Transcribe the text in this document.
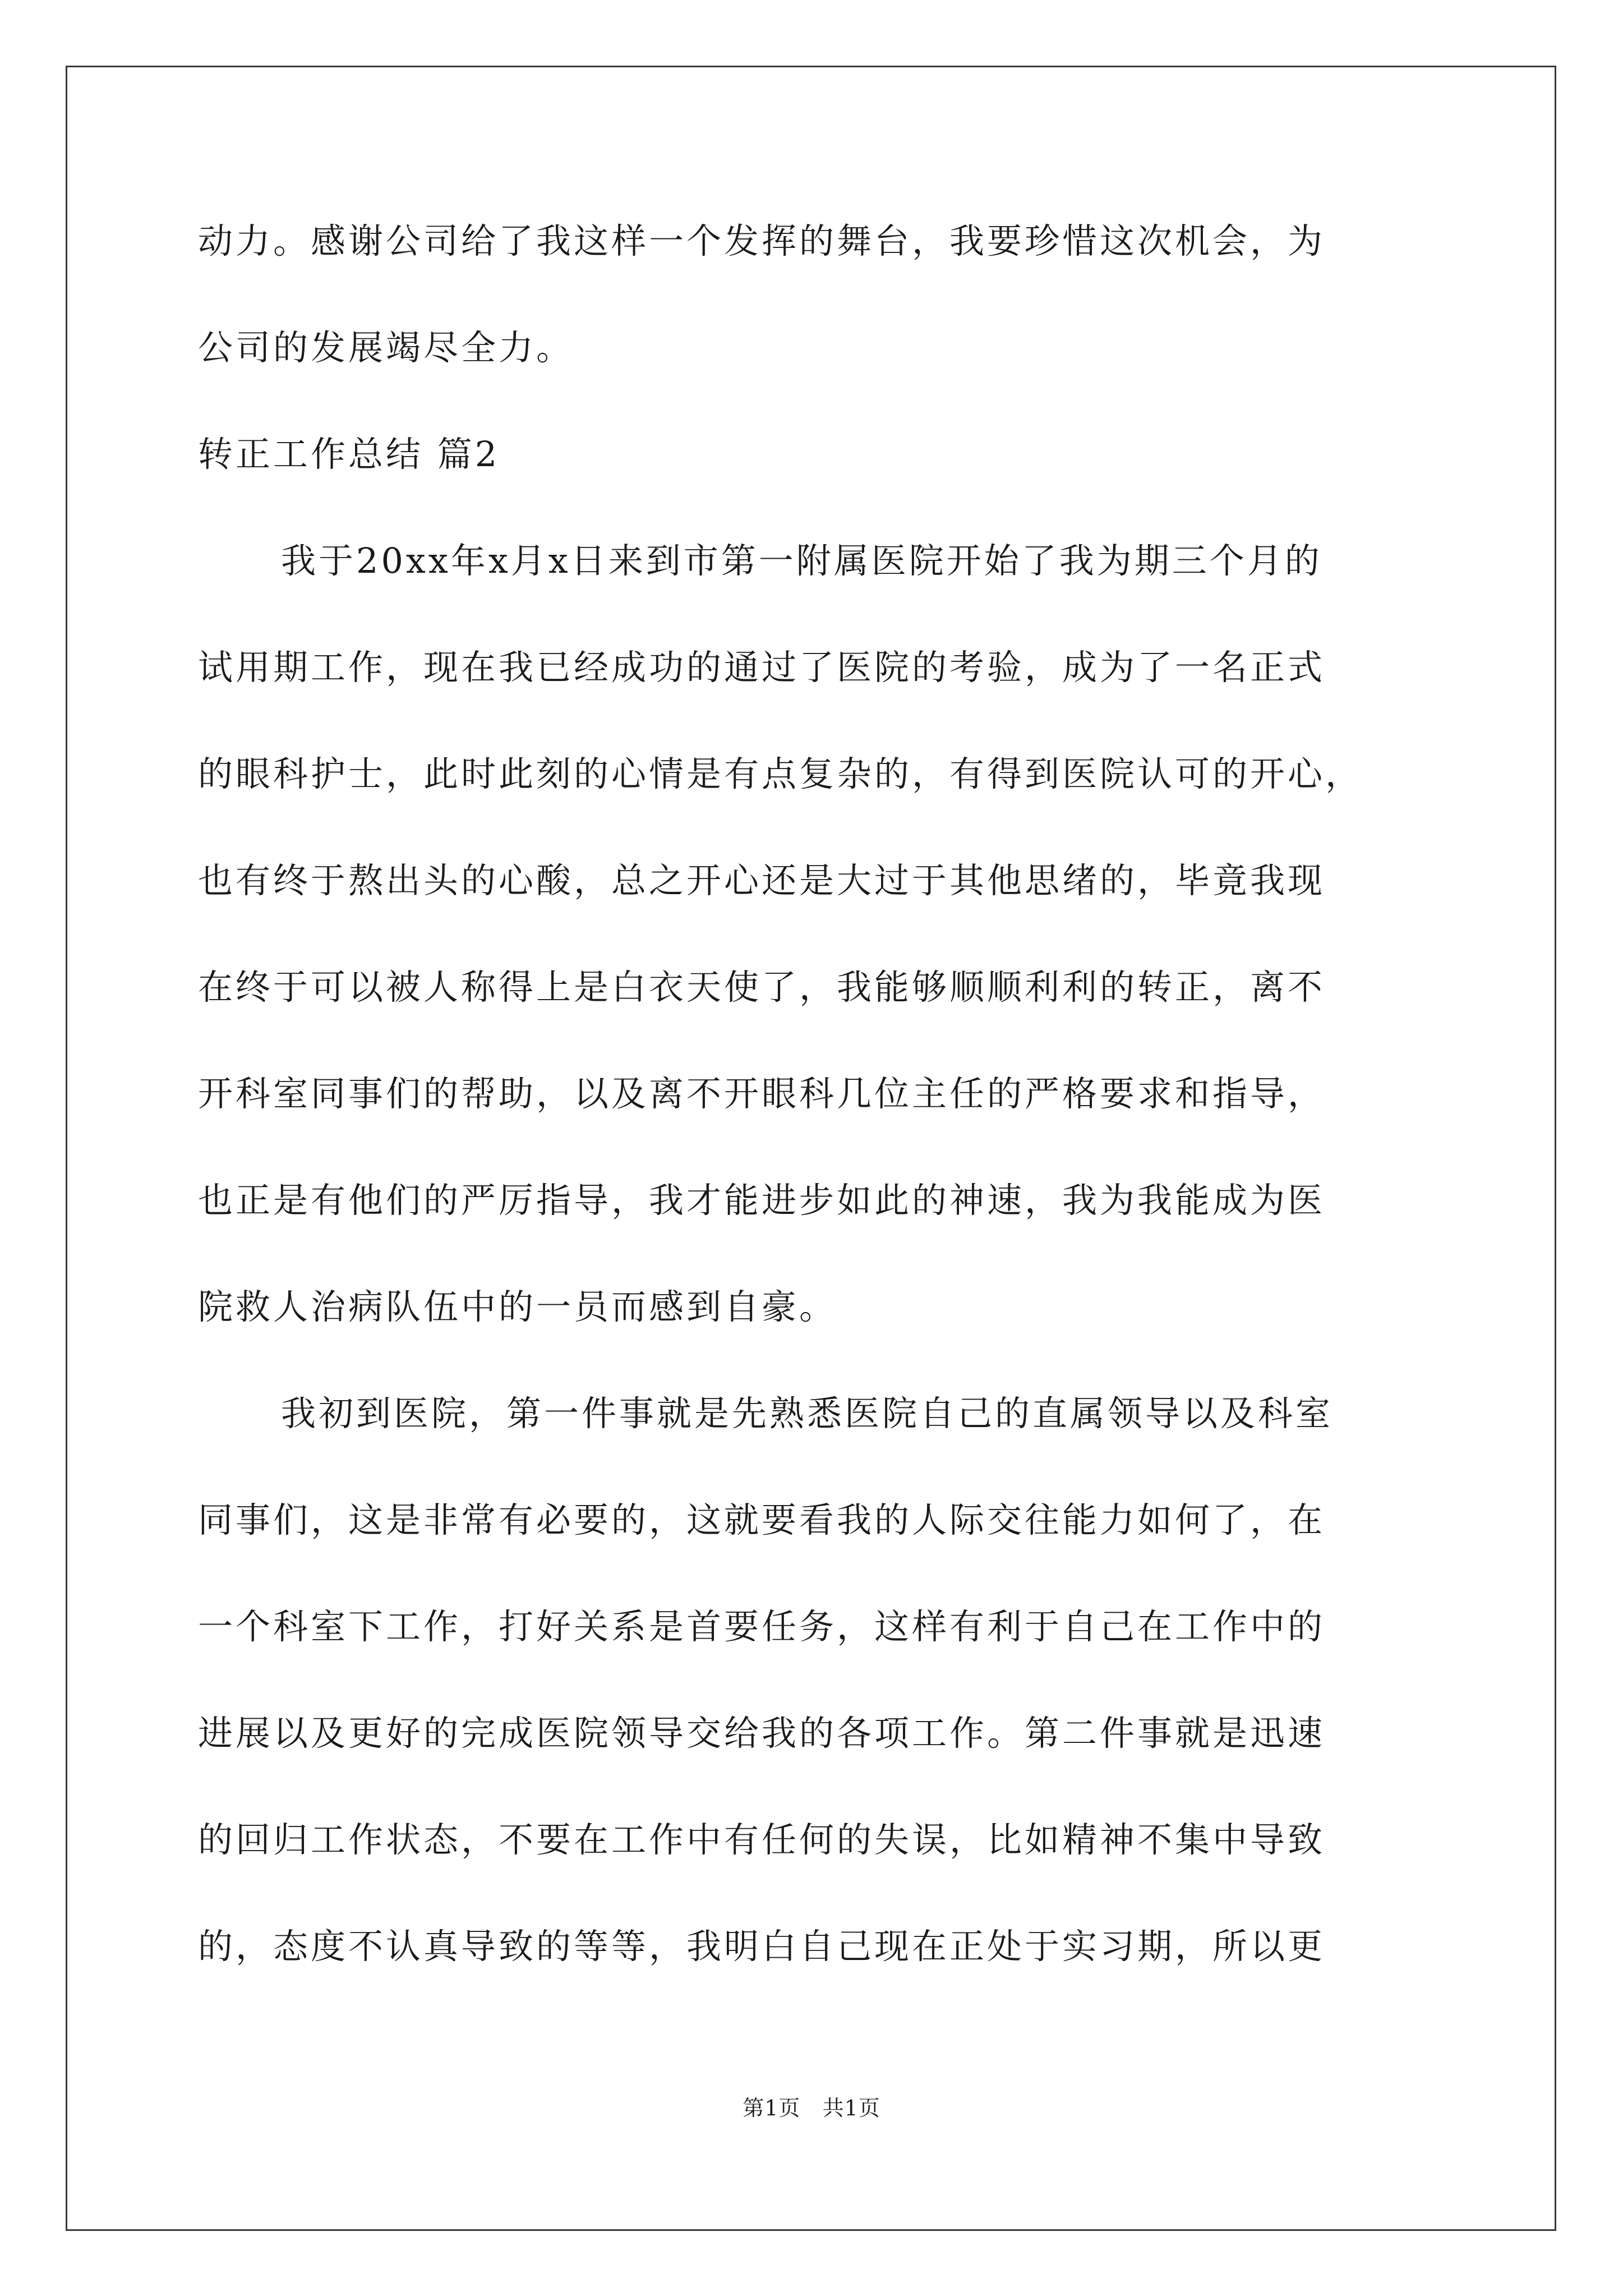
动力。感谢公司给了我这样一个发挥的舞台，我要珍惜这次机会，为
公司的发展竭尽全力。
转正工作总结 篇2
我于20xx年x月x日来到市第一附属医院开始了我为期三个月的
试用期工作，现在我已经成功的通过了医院的考验，成为了一名正式
的眼科护士，此时此刻的心情是有点复杂的，有得到医院认可的开心，
也有终于熬出头的心酸，总之开心还是大过于其他思绪的，毕竟我现
在终于可以被人称得上是白衣天使了，我能够顺顺利利的转正，离不
开科室同事们的帮助，以及离不开眼科几位主任的严格要求和指导，
也正是有他们的严厉指导，我才能进步如此的神速，我为我能成为医
院救人治病队伍中的一员而感到自豪。
我初到医院，第一件事就是先熟悉医院自己的直属领导以及科室
同事们，这是非常有必要的，这就要看我的人际交往能力如何了，在
一个科室下工作，打好关系是首要任务，这样有利于自己在工作中的
进展以及更好的完成医院领导交给我的各项工作。第二件事就是迅速
的回归工作状态，不要在工作中有任何的失误，比如精神不集中导致
的，态度不认真导致的等等，我明白自己现在正处于实习期，所以更
第1页   共1页
